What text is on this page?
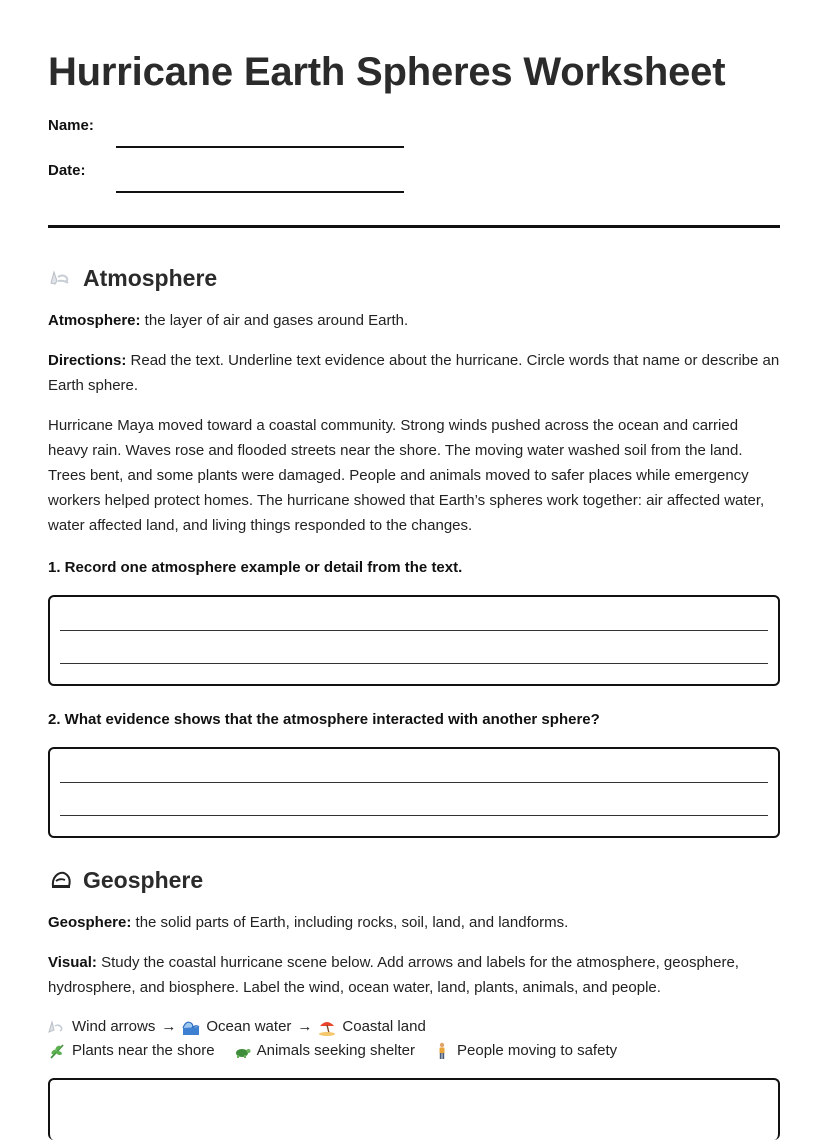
Hurricane Earth Spheres Worksheet
Name:
Date:
Atmosphere

Atmosphere: the layer of air and gases around Earth.

Directions: Read the text. Underline text evidence about the hurricane. Circle words that name or describe an Earth sphere.

Hurricane Maya moved toward a coastal community. Strong winds pushed across the ocean and carried heavy rain. Waves rose and flooded streets near the shore. The moving water washed soil from the land. Trees bent, and some plants were damaged. People and animals moved to safer places while emergency workers helped protect homes. The hurricane showed that Earth’s spheres work together: air affected water, water affected land, and living things responded to the changes.

1. Record one atmosphere example or detail from the text.
2. What evidence shows that the atmosphere interacted with another sphere?
Geosphere

Geosphere: the solid parts of Earth, including rocks, soil, land, and landforms.

Visual: Study the coastal hurricane scene below. Add arrows and labels for the atmosphere, geosphere, hydrosphere, and biosphere. Label the wind, ocean water, land, plants, animals, and people.

Wind arrows → Ocean water → Coastal land
Plants near the shore	Animals seeking shelter	People moving to safety
